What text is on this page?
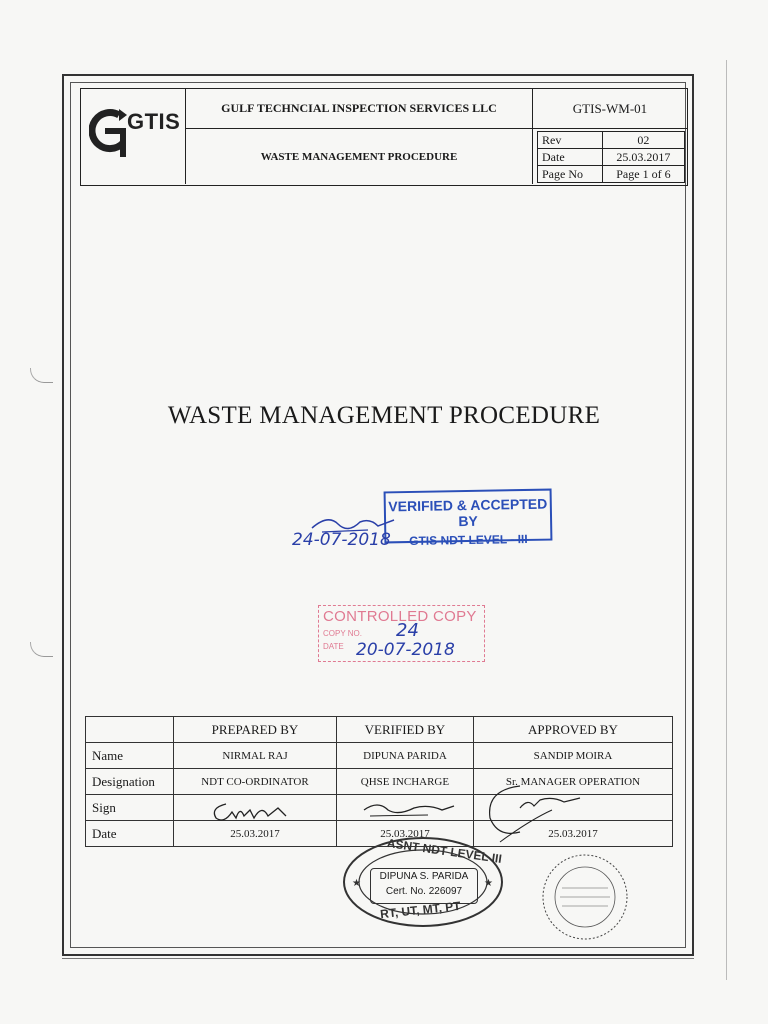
GTIS
GULF TECHNCIAL INSPECTION SERVICES LLC
WASTE MANAGEMENT PROCEDURE
GTIS-WM-01
Rev	02
Date	25.03.2017
Page No	Page 1 of 6
WASTE MANAGEMENT PROCEDURE
VERIFIED & ACCEPTED BY
GTIS NDT LEVEL - III
24-07-2018
CONTROLLED COPY
COPY NO.
DATE
24
20-07-2018
	PREPARED BY	VERIFIED BY	APPROVED BY
Name	NIRMAL RAJ	DIPUNA PARIDA	SANDIP MOIRA
Designation	NDT CO-ORDINATOR	QHSE INCHARGE	Sr. MANAGER OPERATION
Sign			
Date	25.03.2017	25.03.2017	25.03.2017
★	★
ASNT NDT LEVEL III
DIPUNA S. PARIDA
Cert. No. 226097
RT, UT, MT, PT
